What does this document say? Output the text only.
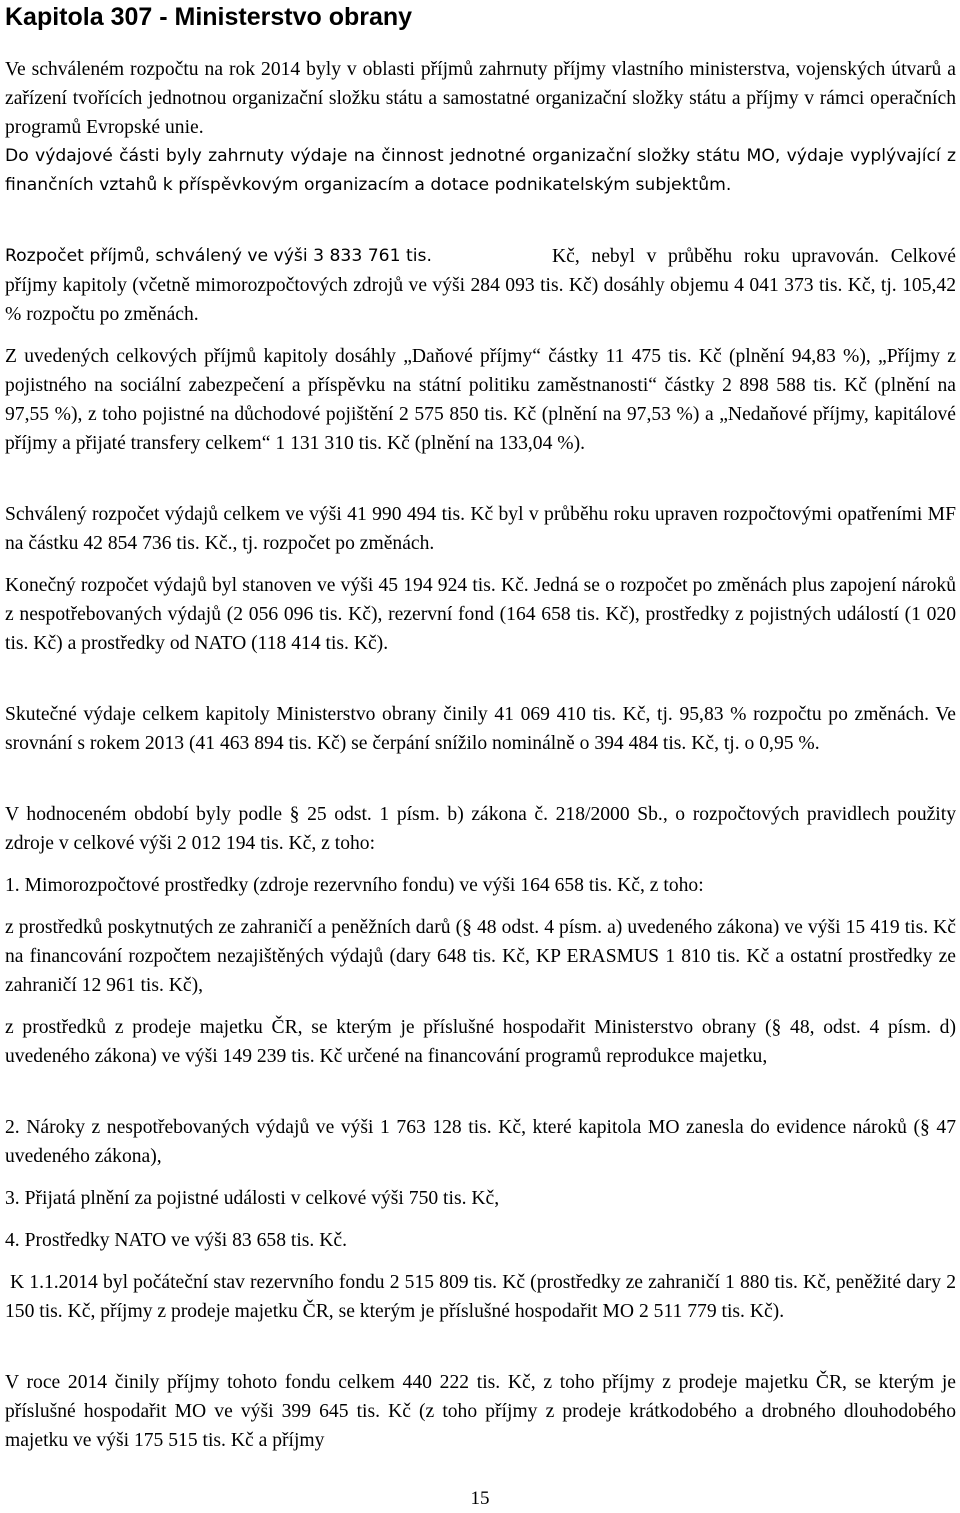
Kapitola 307 - Ministerstvo obrany

Ve schváleném rozpočtu na rok 2014 byly v oblasti příjmů zahrnuty příjmy vlastního ministerstva, vojenských útvarů a zařízení tvořících jednotnou organizační složku státu a samostatné organizační složky státu a příjmy v rámci operačních programů Evropské unie.

Do výdajové části byly zahrnuty výdaje na činnost jednotné organizační složky státu MO, výdaje vyplývající z finančních vztahů k příspěvkovým organizacím a dotace podnikatelským subjektům.

Rozpočet příjmů, schválený ve výši 3 833 761 tis.	Kč, nebyl v průběhu roku upravován. Celkové příjmy kapitoly (včetně mimorozpočtových zdrojů ve výši 284 093 tis. Kč) dosáhly objemu 4 041 373 tis. Kč, tj. 105,42 % rozpočtu po změnách.

Z uvedených celkových příjmů kapitoly dosáhly „Daňové příjmy“ částky 11 475 tis. Kč (plnění 94,83 %), „Příjmy z pojistného na sociální zabezpečení a příspěvku na státní politiku zaměstnanosti“ částky 2 898 588 tis. Kč (plnění na 97,55 %), z toho pojistné na důchodové pojištění 2 575 850 tis. Kč (plnění na 97,53 %) a „Nedaňové příjmy, kapitálové příjmy a přijaté transfery celkem“ 1 131 310 tis. Kč (plnění na 133,04 %).

Schválený rozpočet výdajů celkem ve výši 41 990 494 tis. Kč byl v průběhu roku upraven rozpočtovými opatřeními MF na částku 42 854 736 tis. Kč., tj. rozpočet po změnách.

Konečný rozpočet výdajů byl stanoven ve výši 45 194 924 tis. Kč. Jedná se o rozpočet po změnách plus zapojení nároků z nespotřebovaných výdajů (2 056 096 tis. Kč), rezervní fond (164 658 tis. Kč), prostředky z pojistných událostí (1 020 tis. Kč) a prostředky od NATO (118 414 tis. Kč).

Skutečné výdaje celkem kapitoly Ministerstvo obrany činily 41 069 410 tis. Kč, tj. 95,83 % rozpočtu po změnách. Ve srovnání s rokem 2013 (41 463 894 tis. Kč) se čerpání snížilo nominálně o 394 484 tis. Kč, tj. o 0,95 %.

V hodnoceném období byly podle § 25 odst. 1 písm. b) zákona č. 218/2000 Sb., o rozpočtových pravidlech použity zdroje v celkové výši 2 012 194 tis. Kč, z toho:

1. Mimorozpočtové prostředky (zdroje rezervního fondu) ve výši 164 658 tis. Kč, z toho:

z prostředků poskytnutých ze zahraničí a peněžních darů (§ 48 odst. 4 písm. a) uvedeného zákona) ve výši 15 419 tis. Kč na financování rozpočtem nezajištěných výdajů (dary 648 tis. Kč, KP ERASMUS 1 810 tis. Kč a ostatní prostředky ze zahraničí 12 961 tis. Kč),

z prostředků z prodeje majetku ČR, se kterým je příslušné hospodařit Ministerstvo obrany (§ 48, odst. 4 písm. d) uvedeného zákona) ve výši 149 239 tis. Kč určené na financování programů reprodukce majetku,

2. Nároky z nespotřebovaných výdajů ve výši 1 763 128 tis. Kč, které kapitola MO zanesla do evidence nároků (§ 47 uvedeného zákona),

3. Přijatá plnění za pojistné události v celkové výši 750 tis. Kč,

4. Prostředky NATO ve výši 83 658 tis. Kč.

K 1.1.2014 byl počáteční stav rezervního fondu 2 515 809 tis. Kč (prostředky ze zahraničí 1 880 tis. Kč, peněžité dary 2 150 tis. Kč, příjmy z prodeje majetku ČR, se kterým je příslušné hospodařit MO 2 511 779 tis. Kč).

V roce 2014 činily příjmy tohoto fondu celkem 440 222 tis. Kč, z toho příjmy z prodeje majetku ČR, se kterým je příslušné hospodařit MO ve výši 399 645 tis. Kč (z toho příjmy z prodeje krátkodobého a drobného dlouhodobého majetku ve výši 175 515 tis. Kč a příjmy

15
